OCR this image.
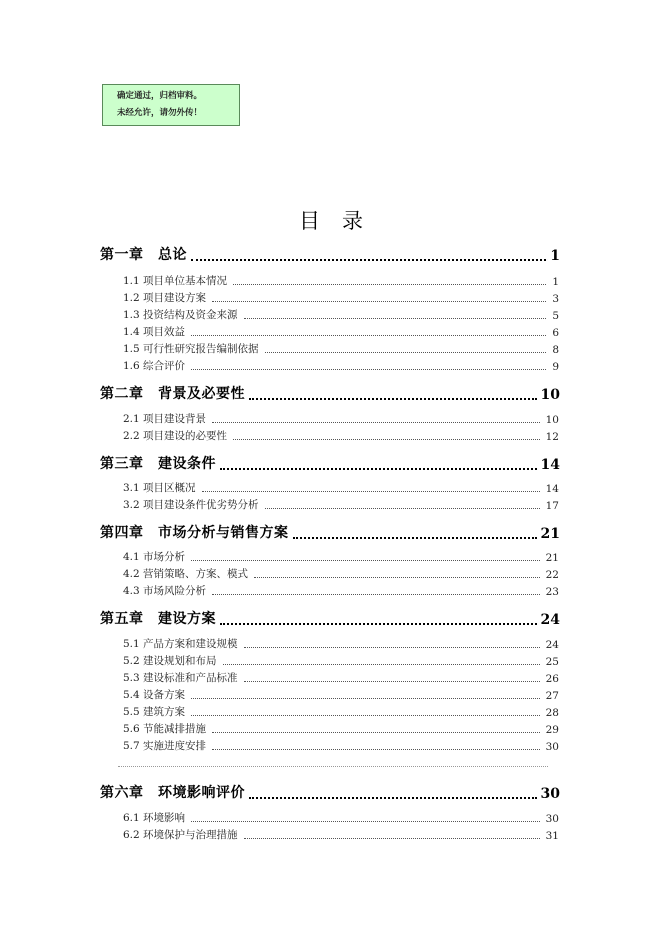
确定通过，归档审料。
未经允许，请勿外传！
目录
第一章　总论	1
1.1 项目单位基本情况	1
1.2 项目建设方案	3
1.3 投资结构及资金来源	5
1.4 项目效益	6
1.5 可行性研究报告编制依据	8
1.6 综合评价	9
第二章　背景及必要性	10
2.1 项目建设背景	10
2.2 项目建设的必要性	12
第三章　建设条件	14
3.1 项目区概况	14
3.2 项目建设条件优劣势分析	17
第四章　市场分析与销售方案	21
4.1 市场分析	21
4.2 营销策略、方案、模式	22
4.3 市场风险分析	23
第五章　建设方案	24
5.1 产品方案和建设规模	24
5.2 建设规划和布局	25
5.3 建设标准和产品标准	26
5.4 设备方案	27
5.5 建筑方案	28
5.6 节能减排措施	29
5.7 实施进度安排	30
第六章　环境影响评价	30
6.1 环境影响	30
6.2 环境保护与治理措施	31
